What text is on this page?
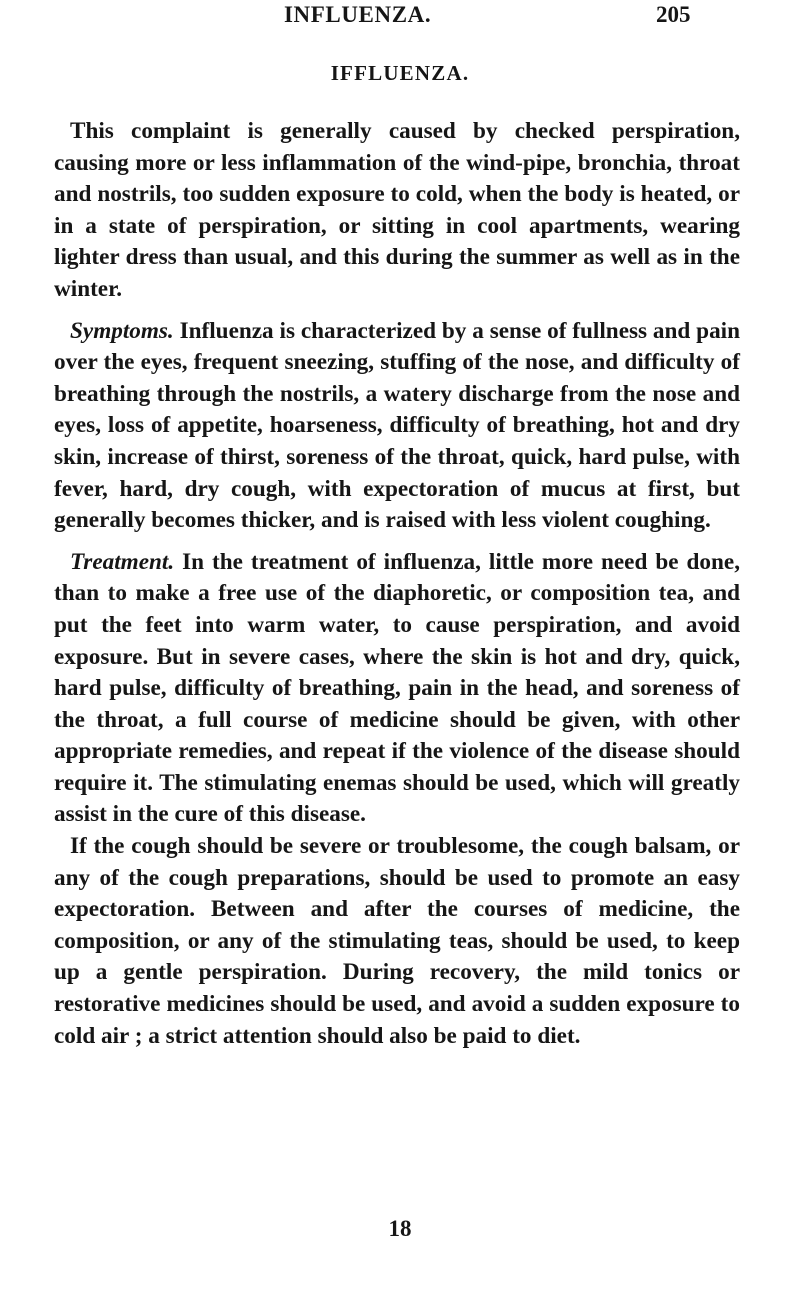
INFLUENZA.	205
IFFLUENZA.

This complaint is generally caused by checked perspiration, causing more or less inflammation of the wind-pipe, bronchia, throat and nostrils, too sudden exposure to cold, when the body is heated, or in a state of perspiration, or sitting in cool apartments, wearing lighter dress than usual, and this during the summer as well as in the winter.

Symptoms. Influenza is characterized by a sense of fullness and pain over the eyes, frequent sneezing, stuffing of the nose, and difficulty of breathing through the nostrils, a watery discharge from the nose and eyes, loss of appetite, hoarseness, difficulty of breathing, hot and dry skin, increase of thirst, soreness of the throat, quick, hard pulse, with fever, hard, dry cough, with expectoration of mucus at first, but generally becomes thicker, and is raised with less violent coughing.

Treatment. In the treatment of influenza, little more need be done, than to make a free use of the diaphoretic, or composition tea, and put the feet into warm water, to cause perspiration, and avoid exposure. But in severe cases, where the skin is hot and dry, quick, hard pulse, difficulty of breathing, pain in the head, and soreness of the throat, a full course of medicine should be given, with other appropriate remedies, and repeat if the violence of the disease should require it. The stimulating enemas should be used, which will greatly assist in the cure of this disease.

If the cough should be severe or troublesome, the cough balsam, or any of the cough preparations, should be used to promote an easy expectoration. Between and after the courses of medicine, the composition, or any of the stimulating teas, should be used, to keep up a gentle perspiration. During recovery, the mild tonics or restorative medicines should be used, and avoid a sudden exposure to cold air ; a strict attention should also be paid to diet.

18
